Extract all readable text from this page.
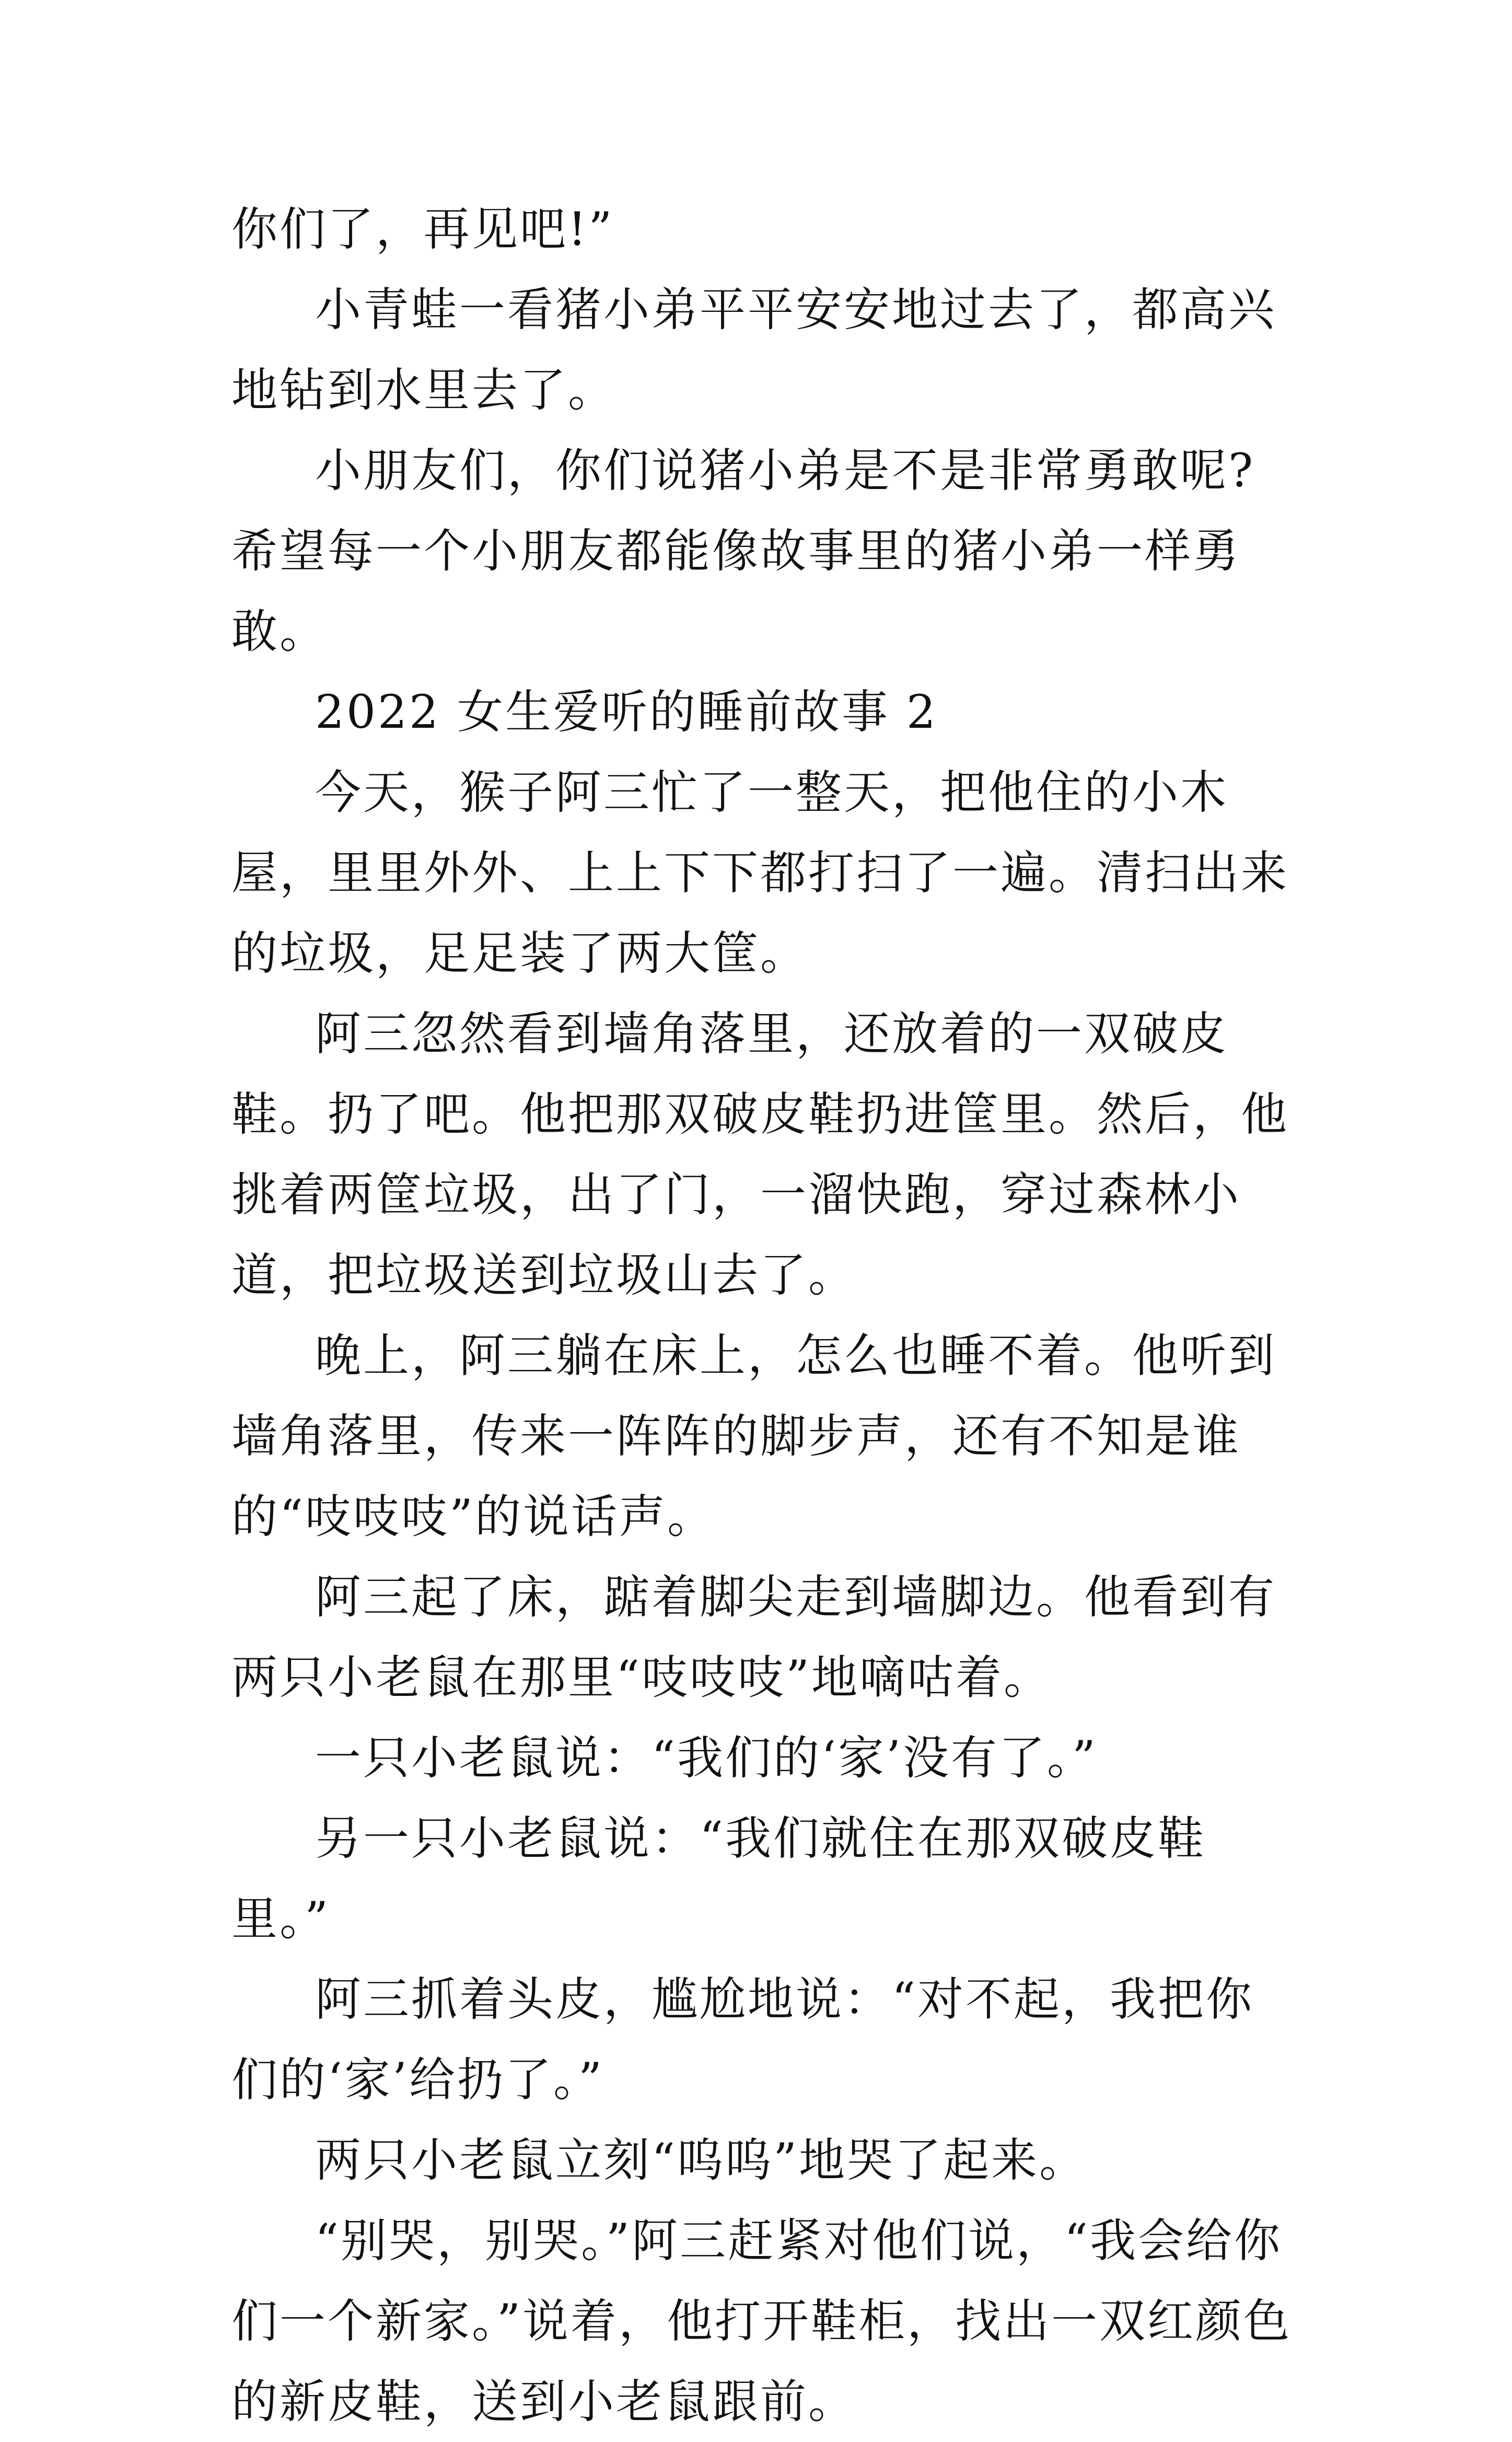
你们了，再见吧!”

小青蛙一看猪小弟平平安安地过去了，都高兴地钻到水里去了。

小朋友们，你们说猪小弟是不是非常勇敢呢?希望每一个小朋友都能像故事里的猪小弟一样勇敢。

2022 女生爱听的睡前故事 2

今天，猴子阿三忙了一整天，把他住的小木屋，里里外外、上上下下都打扫了一遍。清扫出来的垃圾，足足装了两大筐。

阿三忽然看到墙角落里，还放着的一双破皮鞋。扔了吧。他把那双破皮鞋扔进筐里。然后，他挑着两筐垃圾，出了门，一溜快跑，穿过森林小道，把垃圾送到垃圾山去了。

晚上，阿三躺在床上，怎么也睡不着。他听到墙角落里，传来一阵阵的脚步声，还有不知是谁的“吱吱吱”的说话声。

阿三起了床，踮着脚尖走到墙脚边。他看到有两只小老鼠在那里“吱吱吱”地嘀咕着。

一只小老鼠说：“我们的‘家’没有了。”

另一只小老鼠说：“我们就住在那双破皮鞋里。”

阿三抓着头皮，尴尬地说：“对不起，我把你们的‘家’给扔了。”

两只小老鼠立刻“呜呜”地哭了起来。

“别哭，别哭。”阿三赶紧对他们说，“我会给你们一个新家。”说着，他打开鞋柜，找出一双红颜色的新皮鞋，送到小老鼠跟前。
